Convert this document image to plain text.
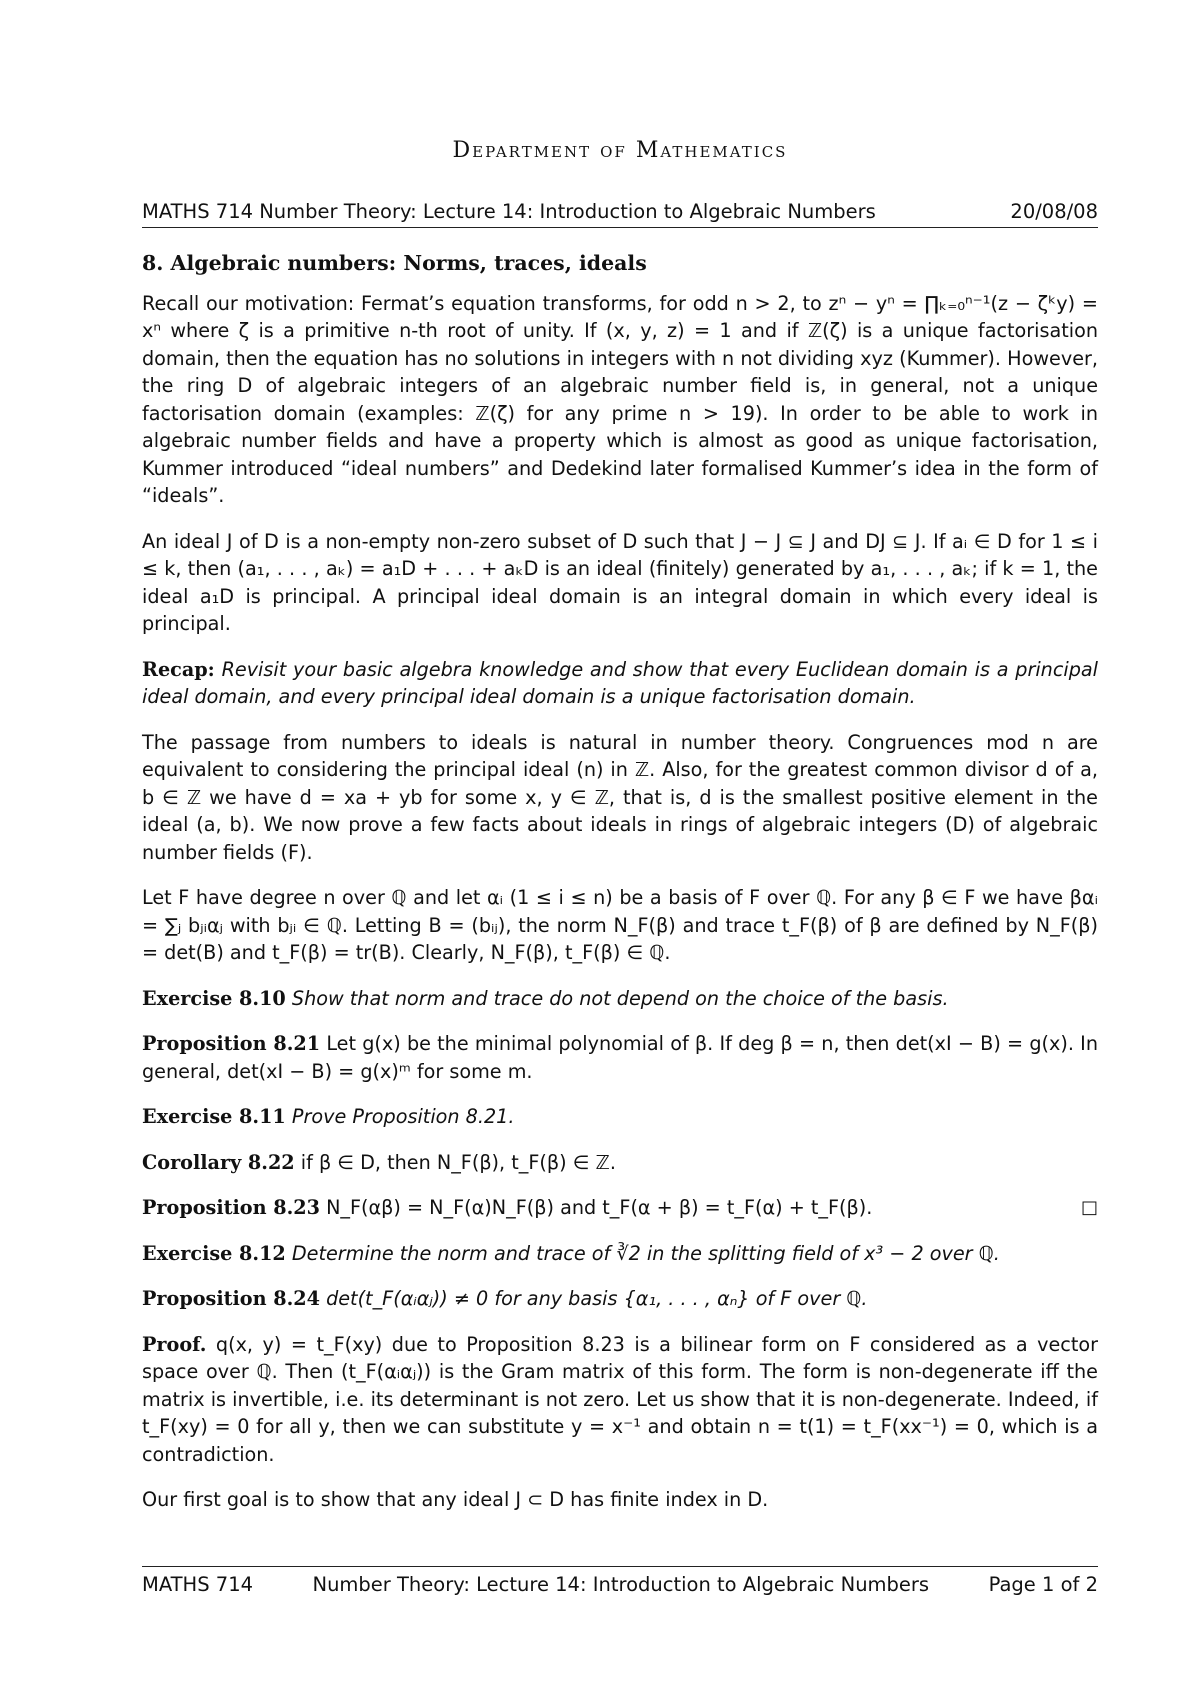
Department of Mathematics
MATHS 714 Number Theory: Lecture 14: Introduction to Algebraic Numbers	20/08/08
8. Algebraic numbers: Norms, traces, ideals

Recall our motivation: Fermat’s equation transforms, for odd n > 2, to zⁿ − yⁿ = ∏ₖ₌₀ⁿ⁻¹(z − ζᵏy) = xⁿ where ζ is a primitive n-th root of unity. If (x, y, z) = 1 and if ℤ(ζ) is a unique factorisation domain, then the equation has no solutions in integers with n not dividing xyz (Kummer). However, the ring D of algebraic integers of an algebraic number field is, in general, not a unique factorisation domain (examples: ℤ(ζ) for any prime n > 19). In order to be able to work in algebraic number fields and have a property which is almost as good as unique factorisation, Kummer introduced “ideal numbers” and Dedekind later formalised Kummer’s idea in the form of “ideals”.

An ideal J of D is a non-empty non-zero subset of D such that J − J ⊆ J and DJ ⊆ J. If aᵢ ∈ D for 1 ≤ i ≤ k, then (a₁, . . . , aₖ) = a₁D + . . . + aₖD is an ideal (finitely) generated by a₁, . . . , aₖ; if k = 1, the ideal a₁D is principal. A principal ideal domain is an integral domain in which every ideal is principal.

Recap: Revisit your basic algebra knowledge and show that every Euclidean domain is a principal ideal domain, and every principal ideal domain is a unique factorisation domain.

The passage from numbers to ideals is natural in number theory. Congruences mod n are equivalent to considering the principal ideal (n) in ℤ. Also, for the greatest common divisor d of a, b ∈ ℤ we have d = xa + yb for some x, y ∈ ℤ, that is, d is the smallest positive element in the ideal (a, b). We now prove a few facts about ideals in rings of algebraic integers (D) of algebraic number fields (F).

Let F have degree n over ℚ and let αᵢ (1 ≤ i ≤ n) be a basis of F over ℚ. For any β ∈ F we have βαᵢ = ∑ⱼ bⱼᵢαⱼ with bⱼᵢ ∈ ℚ. Letting B = (bᵢⱼ), the norm N_F(β) and trace t_F(β) of β are defined by N_F(β) = det(B) and t_F(β) = tr(B). Clearly, N_F(β), t_F(β) ∈ ℚ.

Exercise 8.10 Show that norm and trace do not depend on the choice of the basis.

Proposition 8.21 Let g(x) be the minimal polynomial of β. If deg β = n, then det(xI − B) = g(x). In general, det(xI − B) = g(x)ᵐ for some m.

Exercise 8.11 Prove Proposition 8.21.

Corollary 8.22 if β ∈ D, then N_F(β), t_F(β) ∈ ℤ.

Proposition 8.23 N_F(αβ) = N_F(α)N_F(β) and t_F(α + β) = t_F(α) + t_F(β).	□

Exercise 8.12 Determine the norm and trace of ∛2 in the splitting field of x³ − 2 over ℚ.

Proposition 8.24 det(t_F(αᵢαⱼ)) ≠ 0 for any basis {α₁, . . . , αₙ} of F over ℚ.

Proof. q(x, y) = t_F(xy) due to Proposition 8.23 is a bilinear form on F considered as a vector space over ℚ. Then (t_F(αᵢαⱼ)) is the Gram matrix of this form. The form is non-degenerate iff the matrix is invertible, i.e. its determinant is not zero. Let us show that it is non-degenerate. Indeed, if t_F(xy) = 0 for all y, then we can substitute y = x⁻¹ and obtain n = t(1) = t_F(xx⁻¹) = 0, which is a contradiction.

Our first goal is to show that any ideal J ⊂ D has finite index in D.

MATHS 714	Number Theory: Lecture 14: Introduction to Algebraic Numbers	Page 1 of 2
